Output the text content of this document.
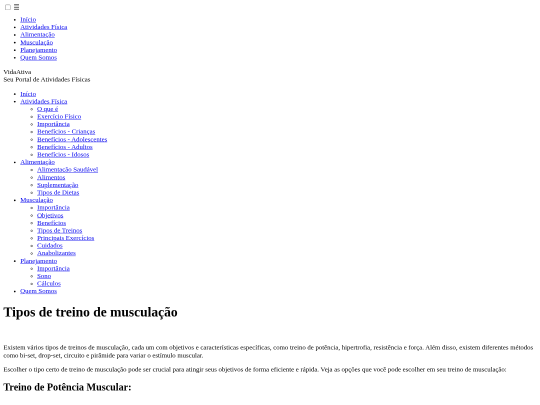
☰
• Início
• Atividades Física
• Alimentação
• Musculação
• Planejamento
• Quem Somos
VidaAtiva
Seu Portal de Atividades Físicas
• Início
• Atividades Física
◦ O que é
◦ Exercício Físico
◦ Importância
◦ Benefícios - Crianças
◦ Benefícios - Adolescentes
◦ Benefícios - Adultos
◦ Benefícios - Idosos
• Alimentação
◦ Alimentação Saudável
◦ Alimentos
◦ Suplementação
◦ Tipos de Dietas
• Musculação
◦ Importância
◦ Objetivos
◦ Benefícios
◦ Tipos de Treinos
◦ Principais Exercícios
◦ Cuidados
◦ Anabolizantes
• Planejamento
◦ Importância
◦ Sono
◦ Cálculos
• Quem Somos
Tipos de treino de musculação

Existem vários tipos de treinos de musculação, cada um com objetivos e características específicas, como treino de potência, hipertrofia, resistência e força. Além disso, existem diferentes métodos como bi-set, drop-set, circuito e pirâmide para variar o estímulo muscular.

Escolher o tipo certo de treino de musculação pode ser crucial para atingir seus objetivos de forma eficiente e rápida. Veja as opções que você pode escolher em seu treino de musculação:

Treino de Potência Muscular:
